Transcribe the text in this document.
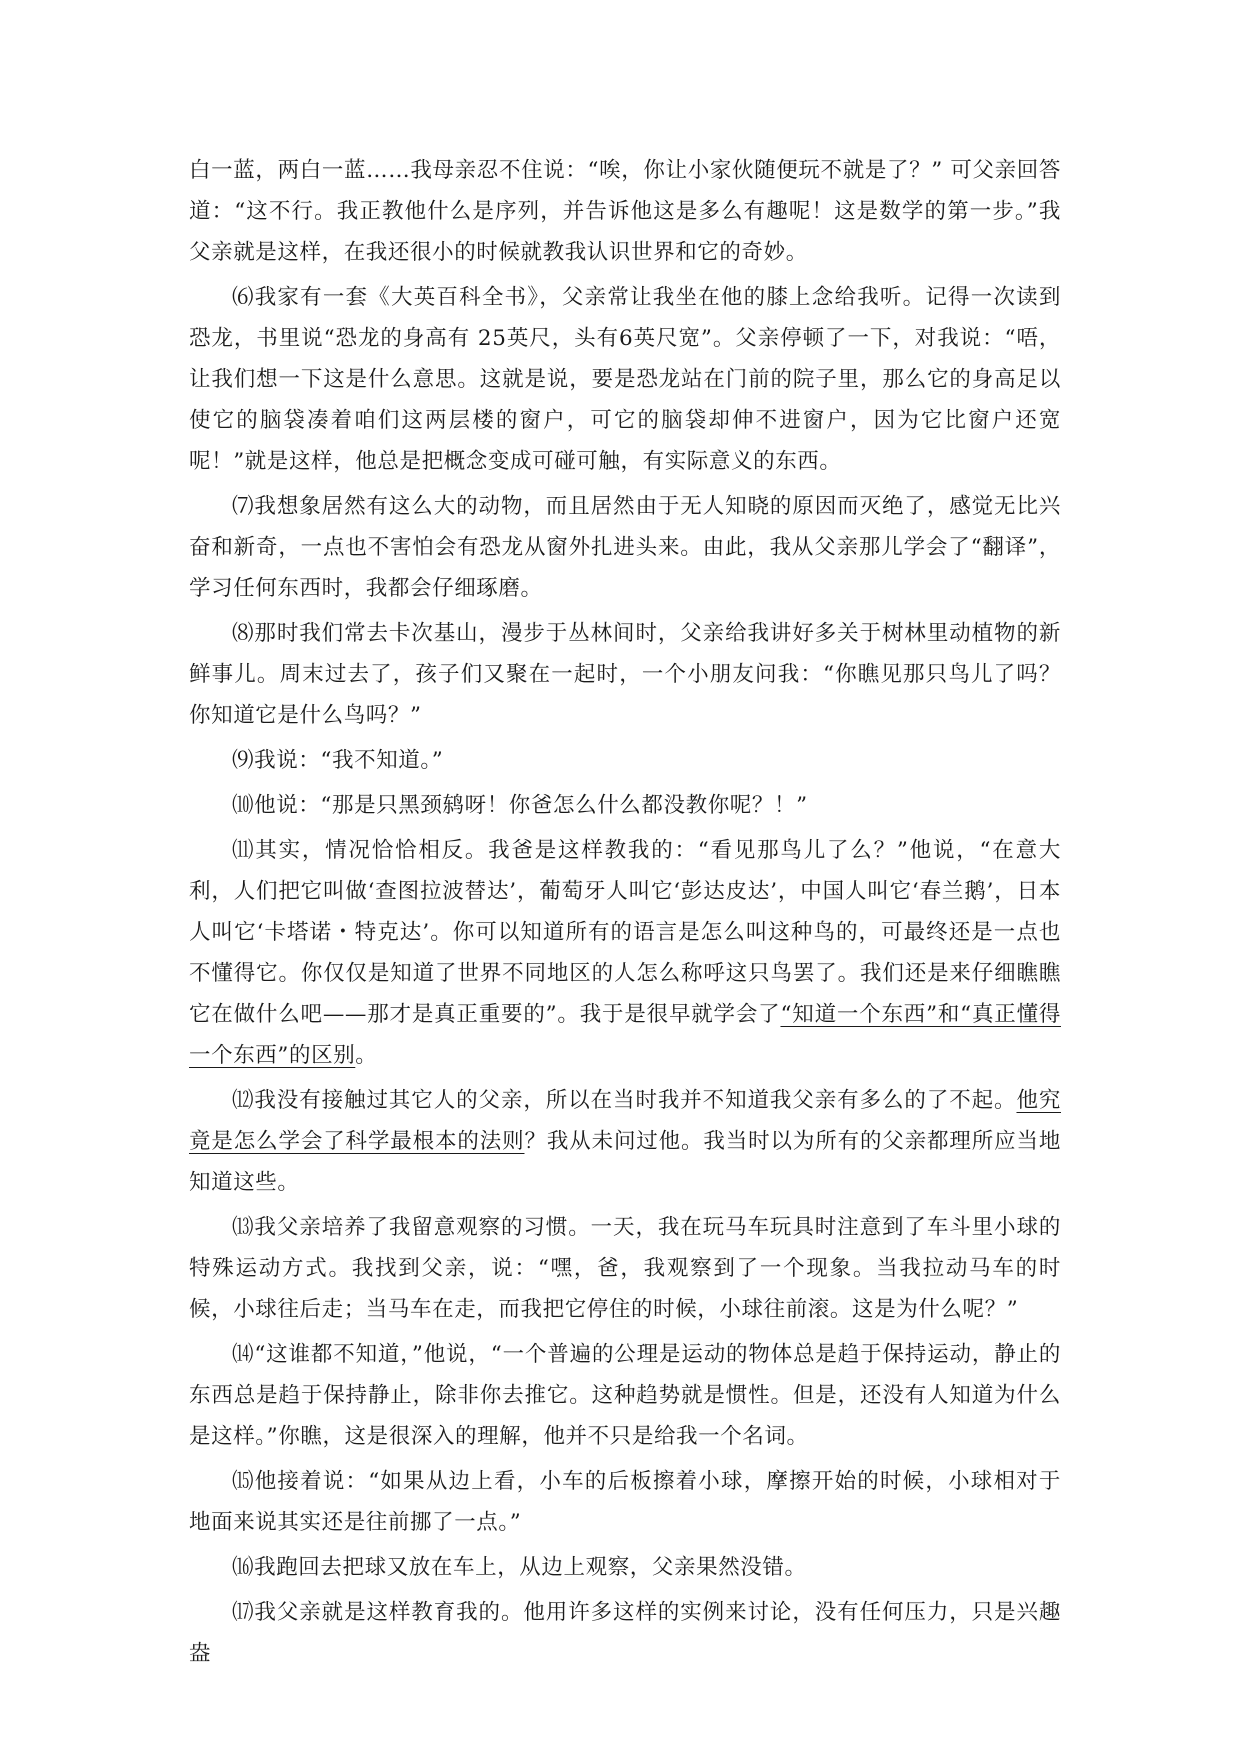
白一蓝，两白一蓝……我母亲忍不住说：“唉，你让小家伙随便玩不就是了？” 可父亲回答道：“这不行。我正教他什么是序列，并告诉他这是多么有趣呢！这是数学的第一步。”我父亲就是这样，在我还很小的时候就教我认识世界和它的奇妙。

⑹我家有一套《大英百科全书》，父亲常让我坐在他的膝上念给我听。记得一次读到恐龙，书里说“恐龙的身高有 25英尺，头有6英尺宽”。父亲停顿了一下，对我说：“唔，让我们想一下这是什么意思。这就是说，要是恐龙站在门前的院子里，那么它的身高足以使它的脑袋凑着咱们这两层楼的窗户，可它的脑袋却伸不进窗户，因为它比窗户还宽呢！”就是这样，他总是把概念变成可碰可触，有实际意义的东西。

⑺我想象居然有这么大的动物，而且居然由于无人知晓的原因而灭绝了，感觉无比兴奋和新奇，一点也不害怕会有恐龙从窗外扎进头来。由此，我从父亲那儿学会了“翻译”，学习任何东西时，我都会仔细琢磨。

⑻那时我们常去卡次基山，漫步于丛林间时，父亲给我讲好多关于树林里动植物的新鲜事儿。周末过去了，孩子们又聚在一起时，一个小朋友问我：“你瞧见那只鸟儿了吗？你知道它是什么鸟吗？”

⑼我说：“我不知道。”

⑽他说：“那是只黑颈鸫呀！你爸怎么什么都没教你呢？！”

⑾其实，情况恰恰相反。我爸是这样教我的：“看见那鸟儿了么？”他说，“在意大利，人们把它叫做‘查图拉波替达’，葡萄牙人叫它‘彭达皮达’，中国人叫它‘春兰鹅’，日本人叫它‘卡塔诺・特克达’。你可以知道所有的语言是怎么叫这种鸟的，可最终还是一点也不懂得它。你仅仅是知道了世界不同地区的人怎么称呼这只鸟罢了。我们还是来仔细瞧瞧它在做什么吧——那才是真正重要的”。我于是很早就学会了“知道一个东西”和“真正懂得一个东西”的区别。

⑿我没有接触过其它人的父亲，所以在当时我并不知道我父亲有多么的了不起。他究竟是怎么学会了科学最根本的法则？我从未问过他。我当时以为所有的父亲都理所应当地知道这些。

⒀我父亲培养了我留意观察的习惯。一天，我在玩马车玩具时注意到了车斗里小球的特殊运动方式。我找到父亲，说：“嘿，爸，我观察到了一个现象。当我拉动马车的时候，小球往后走；当马车在走，而我把它停住的时候，小球往前滚。这是为什么呢？”

⒁“这谁都不知道，”他说，“一个普遍的公理是运动的物体总是趋于保持运动，静止的东西总是趋于保持静止，除非你去推它。这种趋势就是惯性。但是，还没有人知道为什么是这样。”你瞧，这是很深入的理解，他并不只是给我一个名词。

⒂他接着说：“如果从边上看，小车的后板擦着小球，摩擦开始的时候，小球相对于地面来说其实还是往前挪了一点。”

⒃我跑回去把球又放在车上，从边上观察，父亲果然没错。

⒄我父亲就是这样教育我的。他用许多这样的实例来讨论，没有任何压力，只是兴趣盎
